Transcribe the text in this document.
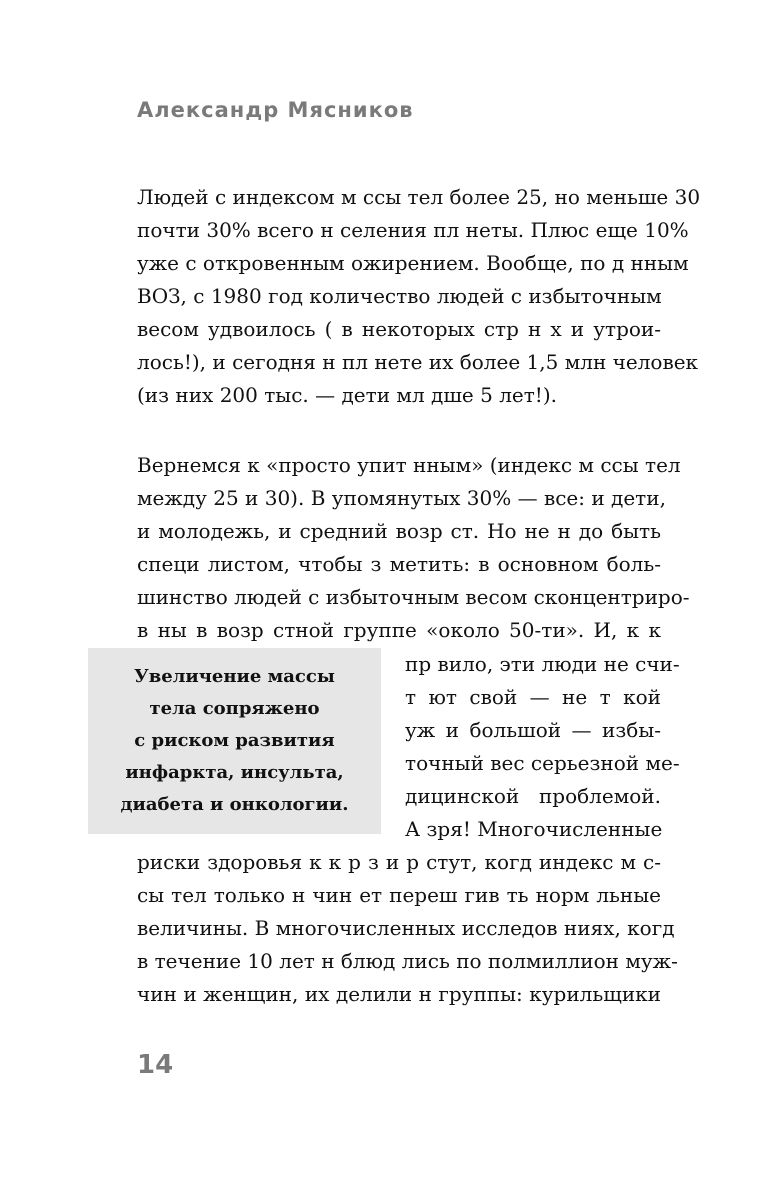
Александр Мясников
Людей с индексом м ссы тел более 25, но меньше 30
почти 30% всего н селения пл неты. Плюс еще 10%
уже с откровенным ожирением. Вообще, по д нным
ВОЗ, с 1980 год количество людей с избыточным
весом удвоилось ( в некоторых стр н х и утрои-
лось!), и сегодня н пл нете их более 1,5 млн человек
(из них 200 тыс. — дети мл дше 5 лет!).
Вернемся к «просто упит нным» (индекс м ссы тел
между 25 и 30). В упомянутых 30% — все: и дети,
и молодежь, и средний возр ст. Но не н до быть
специ листом, чтобы з метить: в основном боль-
шинство людей с избыточным весом сконцентриро-
в ны в возр стной группе «около 50-ти». И, к к
Увеличение массы
тела сопряжено
с риском развития
инфаркта, инсульта,
диабета и онкологии.
пр вило, эти люди не счи-
т ют свой — не т кой
уж и большой — избы-
точный вес серьезной ме-
дицинской проблемой.
А зря! Многочисленные
риски здоровья к к р з и р стут, когд индекс м с-
сы тел только н чин ет переш гив ть норм льные
величины. В многочисленных исследов ниях, когд
в течение 10 лет н блюд лись по полмиллион муж-
чин и женщин, их делили н группы: курильщики
14
